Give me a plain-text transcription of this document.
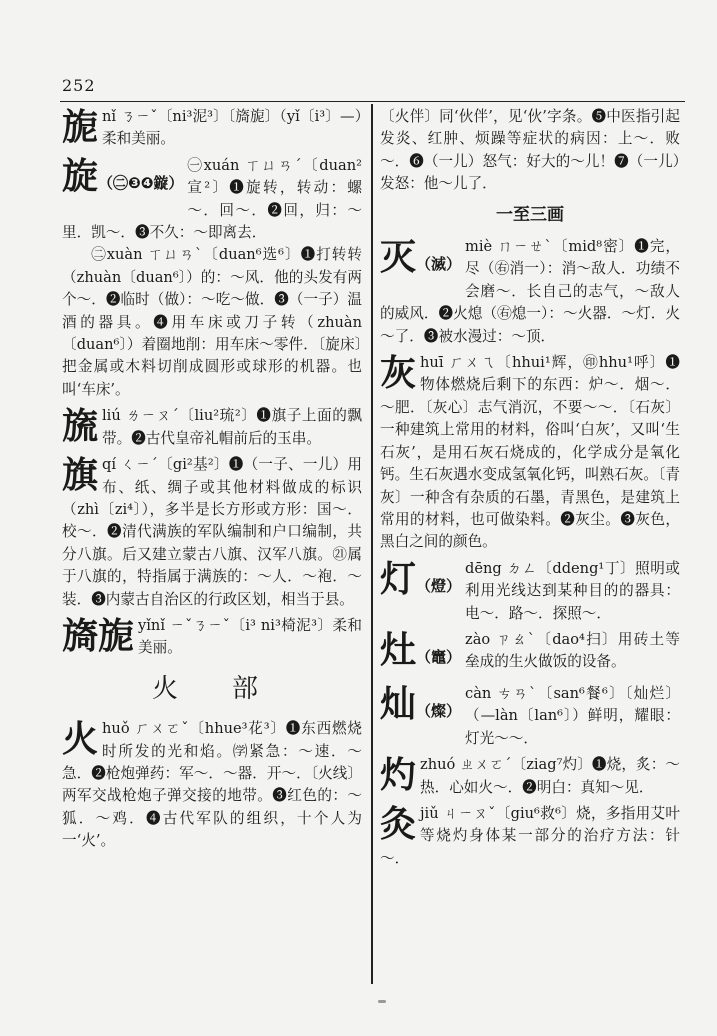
252
旎 nǐ ㄋㄧˇ〔ni³泥³〕〔旖旎〕（yǐ〔i³〕—）柔和美丽。
旋（㊁❸❹鏇）
㊀xuán ㄒㄩㄢˊ〔duan²宣²〕❶旋转，转动：螺～．回～．❷回，归：～里．凯～．❸不久：～即离去．
㊁xuàn ㄒㄩㄢˋ〔duan⁶选⁶〕❶打转转（zhuàn〔duan⁶〕）的：～风．他的头发有两个～．❷临时（做）：～吃～做．❸（一子）温酒的器具。❹用车床或刀子转（zhuàn〔duan⁶〕）着圈地削：用车床～零件．〔旋床〕把金属或木料切削成圆形或球形的机器。也叫‘车床’。
旒 liú ㄌㄧㄡˊ〔liu²琉²〕❶旗子上面的飘带。❷古代皇帝礼帽前后的玉串。
旗 qí ㄑㄧˊ〔gi²基²〕❶（一子、一儿）用布、纸、绸子或其他材料做成的标识（zhì〔zi⁴〕），多半是长方形或方形：国～．校～．❷清代满族的军队编制和户口编制，共分八旗。后又建立蒙古八旗、汉军八旗。㉑属于八旗的，特指属于满族的：～人．～袍．～装．❸内蒙古自治区的行政区划，相当于县。
旖旎 yǐnǐ ㄧˇㄋㄧˇ〔i³ ni³椅泥³〕柔和美丽。
火　部
火 huǒ ㄏㄨㄛˇ〔hhue³花³〕❶东西燃烧时所发的光和焰。㈻紧急：～速．～急．❷枪炮弹药：军～．～器．开～．〔火线〕两军交战枪炮子弹交接的地带。❸红色的：～狐．～鸡．❹古代军队的组织，十个人为一‘火’。
〔火伴〕同‘伙伴’，见‘伙’字条。❺中医指引起发炎、红肿、烦躁等症状的病因：上～．败～．❻（一儿）怒气：好大的～儿！❼（一儿）发怒：他～儿了．
一至三画
灭（滅）
miè ㄇㄧㄝˋ〔mid⁸密〕❶完，尽（㊨消一）：消～敌人．功绩不会磨～．长自己的志气，～敌人的威风．❷火熄（㊨熄一）：～火器．～灯．火～了．❸被水漫过：～顶．
灰 huī ㄏㄨㄟ〔hhui¹辉，㊞hhu¹呼〕❶物体燃烧后剩下的东西：炉～．烟～．～肥．〔灰心〕志气消沉，不要～～．〔石灰〕一种建筑上常用的材料，俗叫‘白灰’，又叫‘生石灰’，是用石灰石烧成的，化学成分是氧化钙。生石灰遇水变成氢氧化钙，叫熟石灰。〔青灰〕一种含有杂质的石墨，青黑色，是建筑上常用的材料，也可做染料。❷灰尘。❸灰色，黑白之间的颜色。
灯（燈）
dēng ㄉㄥ〔ddeng¹丁〕照明或利用光线达到某种目的的器具：电～．路～．探照～．
灶（竈）
zào ㄗㄠˋ〔dao⁴扫〕用砖土等垒成的生火做饭的设备。
灿（燦）
càn ㄘㄢˋ〔san⁶餐⁶〕〔灿烂〕（—làn〔lan⁶〕）鲜明，耀眼：灯光～～．
灼 zhuó ㄓㄨㄛˊ〔ziag⁷灼〕❶烧，炙：～热．心如火～．❷明白：真知～见．
灸 jiǔ ㄐㄧㄡˇ〔giu⁶救⁶〕烧，多指用艾叶等烧灼身体某一部分的治疗方法：针～．
